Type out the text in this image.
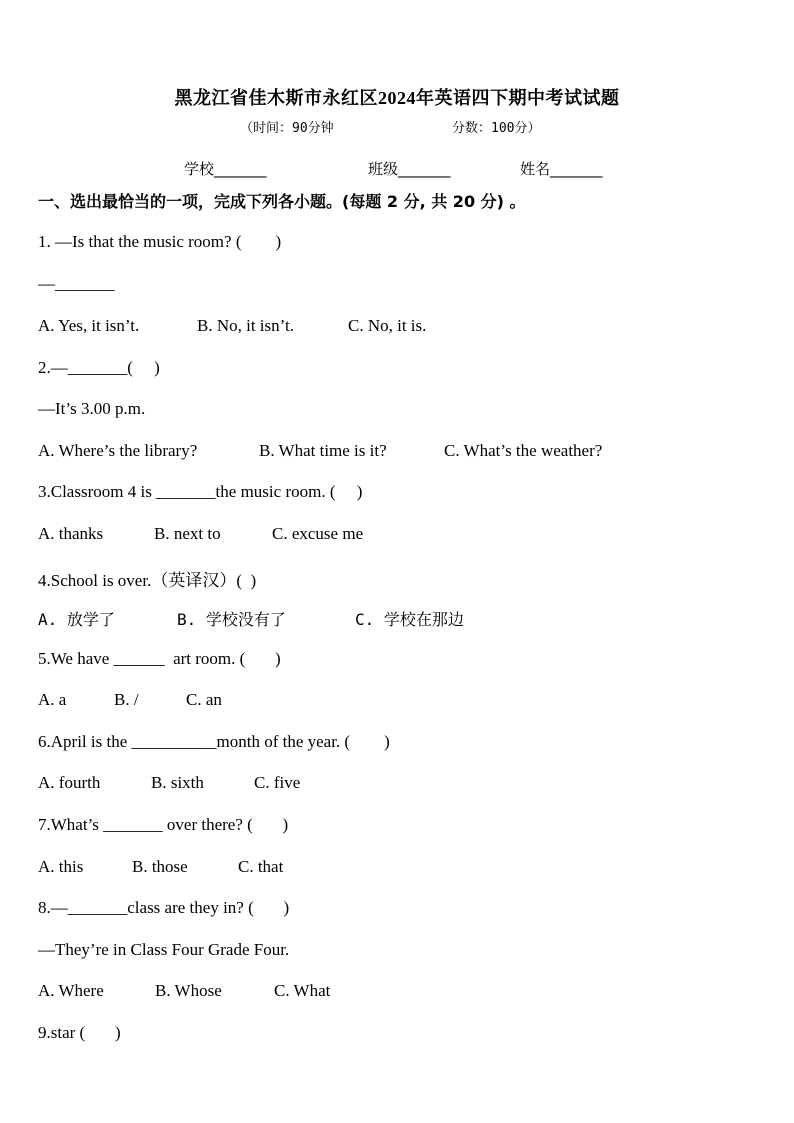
黑龙江省佳木斯市永红区2024年英语四下期中考试试题
（时间：90分钟	分数：100分）
学校_______	班级_______	姓名_______
一、选出最恰当的一项，完成下列各小题。(每题 2 分, 共 20 分) 。
1. —Is that the music room? (        )
—_______
A. Yes, it isn’t.	B. No, it isn’t.	C. No, it is.
2.—_______(     )
—It’s 3.00 p.m.
A. Where’s the library?	B. What time is it?	C. What’s the weather?
3.Classroom 4 is _______the music room. (     )
A. thanks	B. next to	C. excuse me
4.School is over.（英译汉）(  )
A. 放学了	B. 学校没有了	C. 学校在那边
5.We have ______  art room. (       )
A. a	B. /	C. an
6.April is the __________month of the year. (        )
A. fourth	B. sixth	C. five
7.What’s _______ over there? (       )
A. this	B. those	C. that
8.—_______class are they in? (       )
—They’re in Class Four Grade Four.
A. Where	B. Whose	C. What
9.star (       )
